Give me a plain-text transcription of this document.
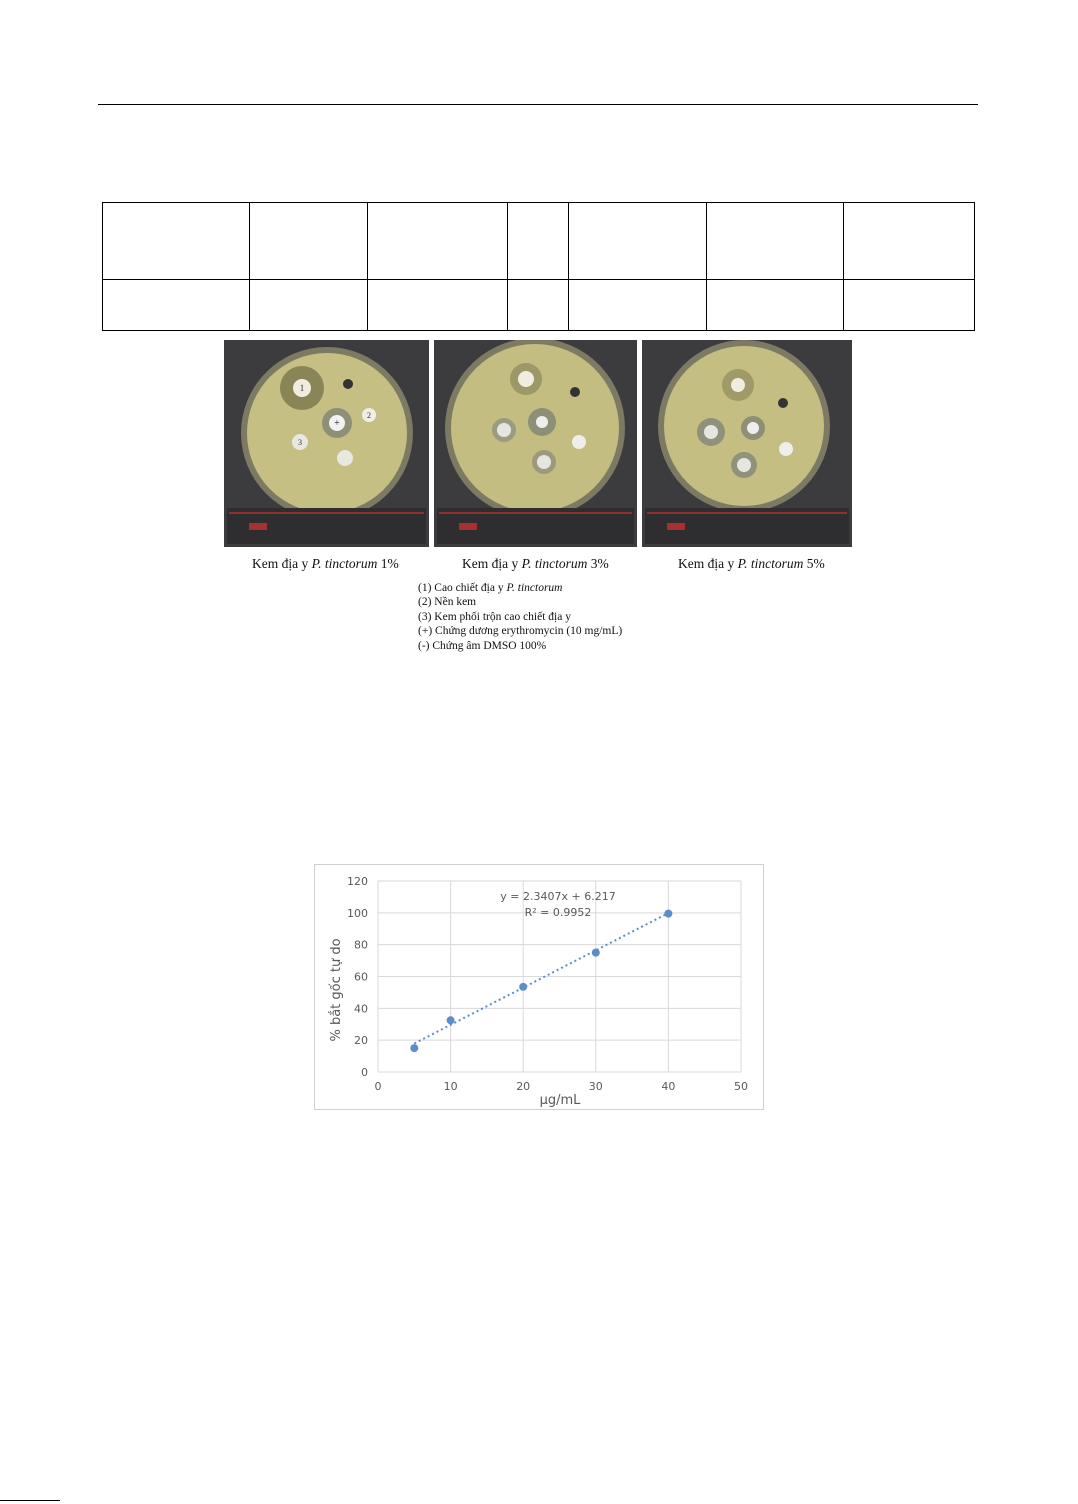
1
+
2
3
Kem địa y P. tinctorum 1%	Kem địa y P. tinctorum 3%	Kem địa y P. tinctorum 5%
(1) Cao chiết địa y P. tinctorum
(2) Nền kem
(3) Kem phối trộn cao chiết địa y
(+) Chứng dương erythromycin (10 mg/mL)
(-) Chứng âm DMSO 100%
0
20
40
60
80
100
120
0	10	20	30	40	50
y = 2.3407x + 6.217
R² = 0.9952
µg/mL
% bắt gốc tự do
